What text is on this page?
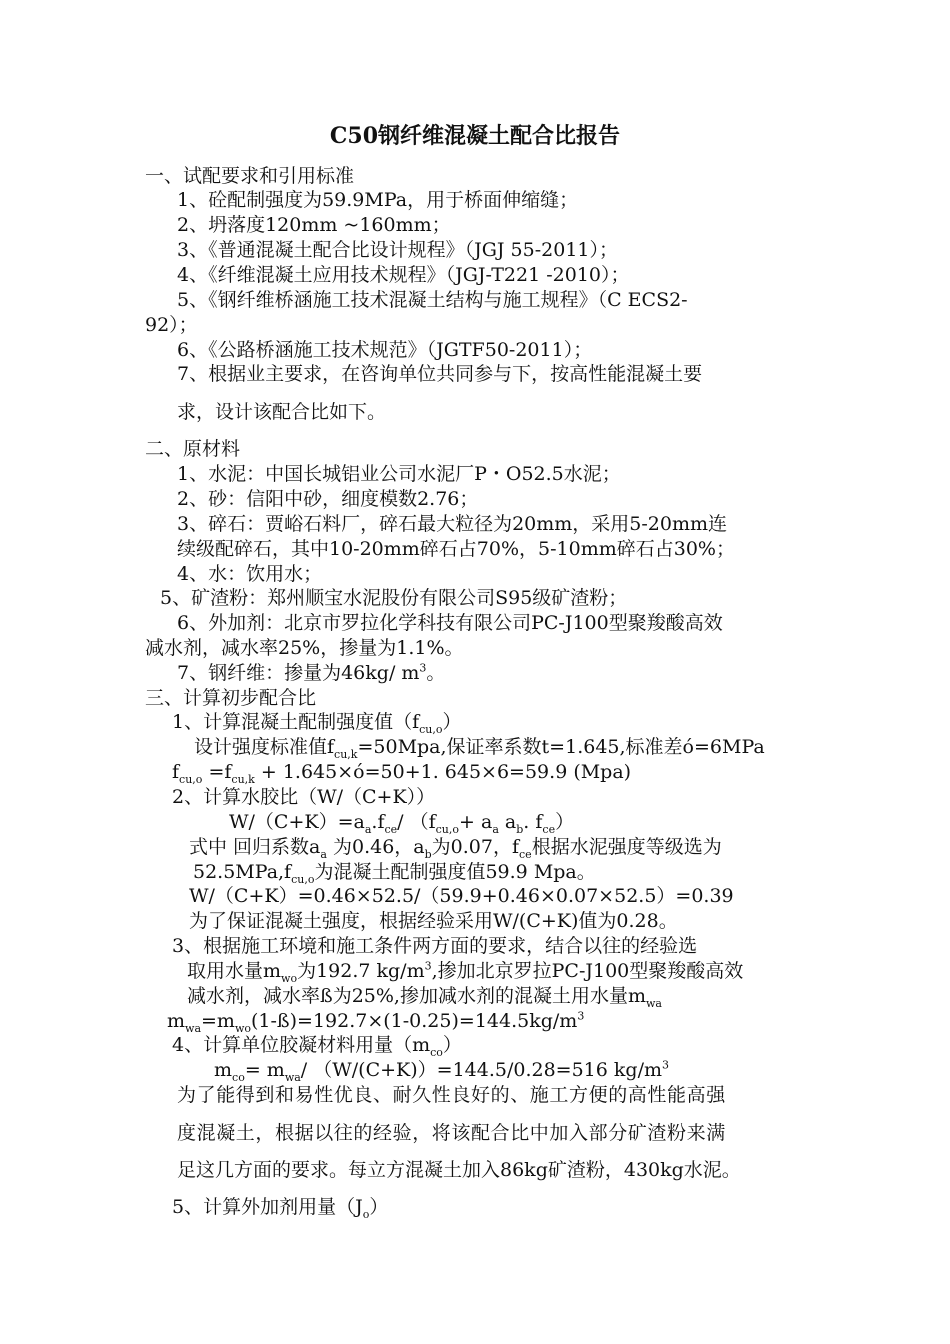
C50钢纤维混凝土配合比报告
一、试配要求和引用标准
1、砼配制强度为59.9MPa，用于桥面伸缩缝；
2、坍落度120mm ~160mm；
3、《普通混凝土配合比设计规程》（JGJ 55-2011）；
4、《纤维混凝土应用技术规程》（JGJ-T221 -2010）；
5、《钢纤维桥涵施工技术混凝土结构与施工规程》（C ECS2-
92）；
6、《公路桥涵施工技术规范》（JGTF50-2011）；
7、根据业主要求，在咨询单位共同参与下，按高性能混凝土要
求，设计该配合比如下。
二、原材料
1、水泥：中国长城铝业公司水泥厂P・O52.5水泥；
2、砂：信阳中砂，细度模数2.76；
3、碎石：贾峪石料厂，碎石最大粒径为20mm，采用5-20mm连
续级配碎石，其中10-20mm碎石占70%，5-10mm碎石占30%；
4、水：饮用水；
5、矿渣粉：郑州顺宝水泥股份有限公司S95级矿渣粉；
6、外加剂：北京市罗拉化学科技有限公司PC-J100型聚羧酸高效
减水剂，减水率25%，掺量为1.1%。
7、钢纤维：掺量为46kg/ $m^3$。
三、计算初步配合比
1、计算混凝土配制强度值$(f_{cu,o})$
设计强度标准值$f_{cu,k}=50Mpa$,保证率系数t=1.645,标准差ó=6MPa
$f_{cu,o} =f_{cu,k}$ + 1.645×ó=50+1. 645×6=59.9 (Mpa)
2、计算水胶比（W/（C+K））
$W/(C+K)=a_a.f_{ce}/$ （$f_{cu,o}+ a_a$ $a_b$. $f_{ce}$）
式中 回归系数$a_a$ 为0.46，$a_b$为0.07，$f_{ce}$根据水泥强度等级选为
$52.5MPa,f_{cu,o}$为混凝土配制强度值59.9 Mpa。
W/（C+K）=0.46×52.5/（59.9+0.46×0.07×52.5）=0.39
为了保证混凝土强度，根据经验采用W/(C+K)值为0.28。
3、根据施工环境和施工条件两方面的要求，结合以往的经验选
取用水量$m_{wo}$为192.7 $kg/m^3$,掺加北京罗拉PC-J100型聚羧酸高效
减水剂，减水率ß为25%,掺加减水剂的混凝土用水量$m_{wa}$
$m_{wa}=m_{wo}(1-ß)=192.7\times(1-0.25)=144.5kg/m^3$
4、计算单位胶凝材料用量$(m_{co})$
$m_{co}= m_{wa}/$ （W/(C+K)）=144.5/0.28=516 $kg/m^3$
为了能得到和易性优良、耐久性良好的、施工方便的高性能高强
度混凝土，根据以往的经验，将该配合比中加入部分矿渣粉来满
足这几方面的要求。每立方混凝土加入86kg矿渣粉，430kg水泥。
5、计算外加剂用量$(J_o)$
